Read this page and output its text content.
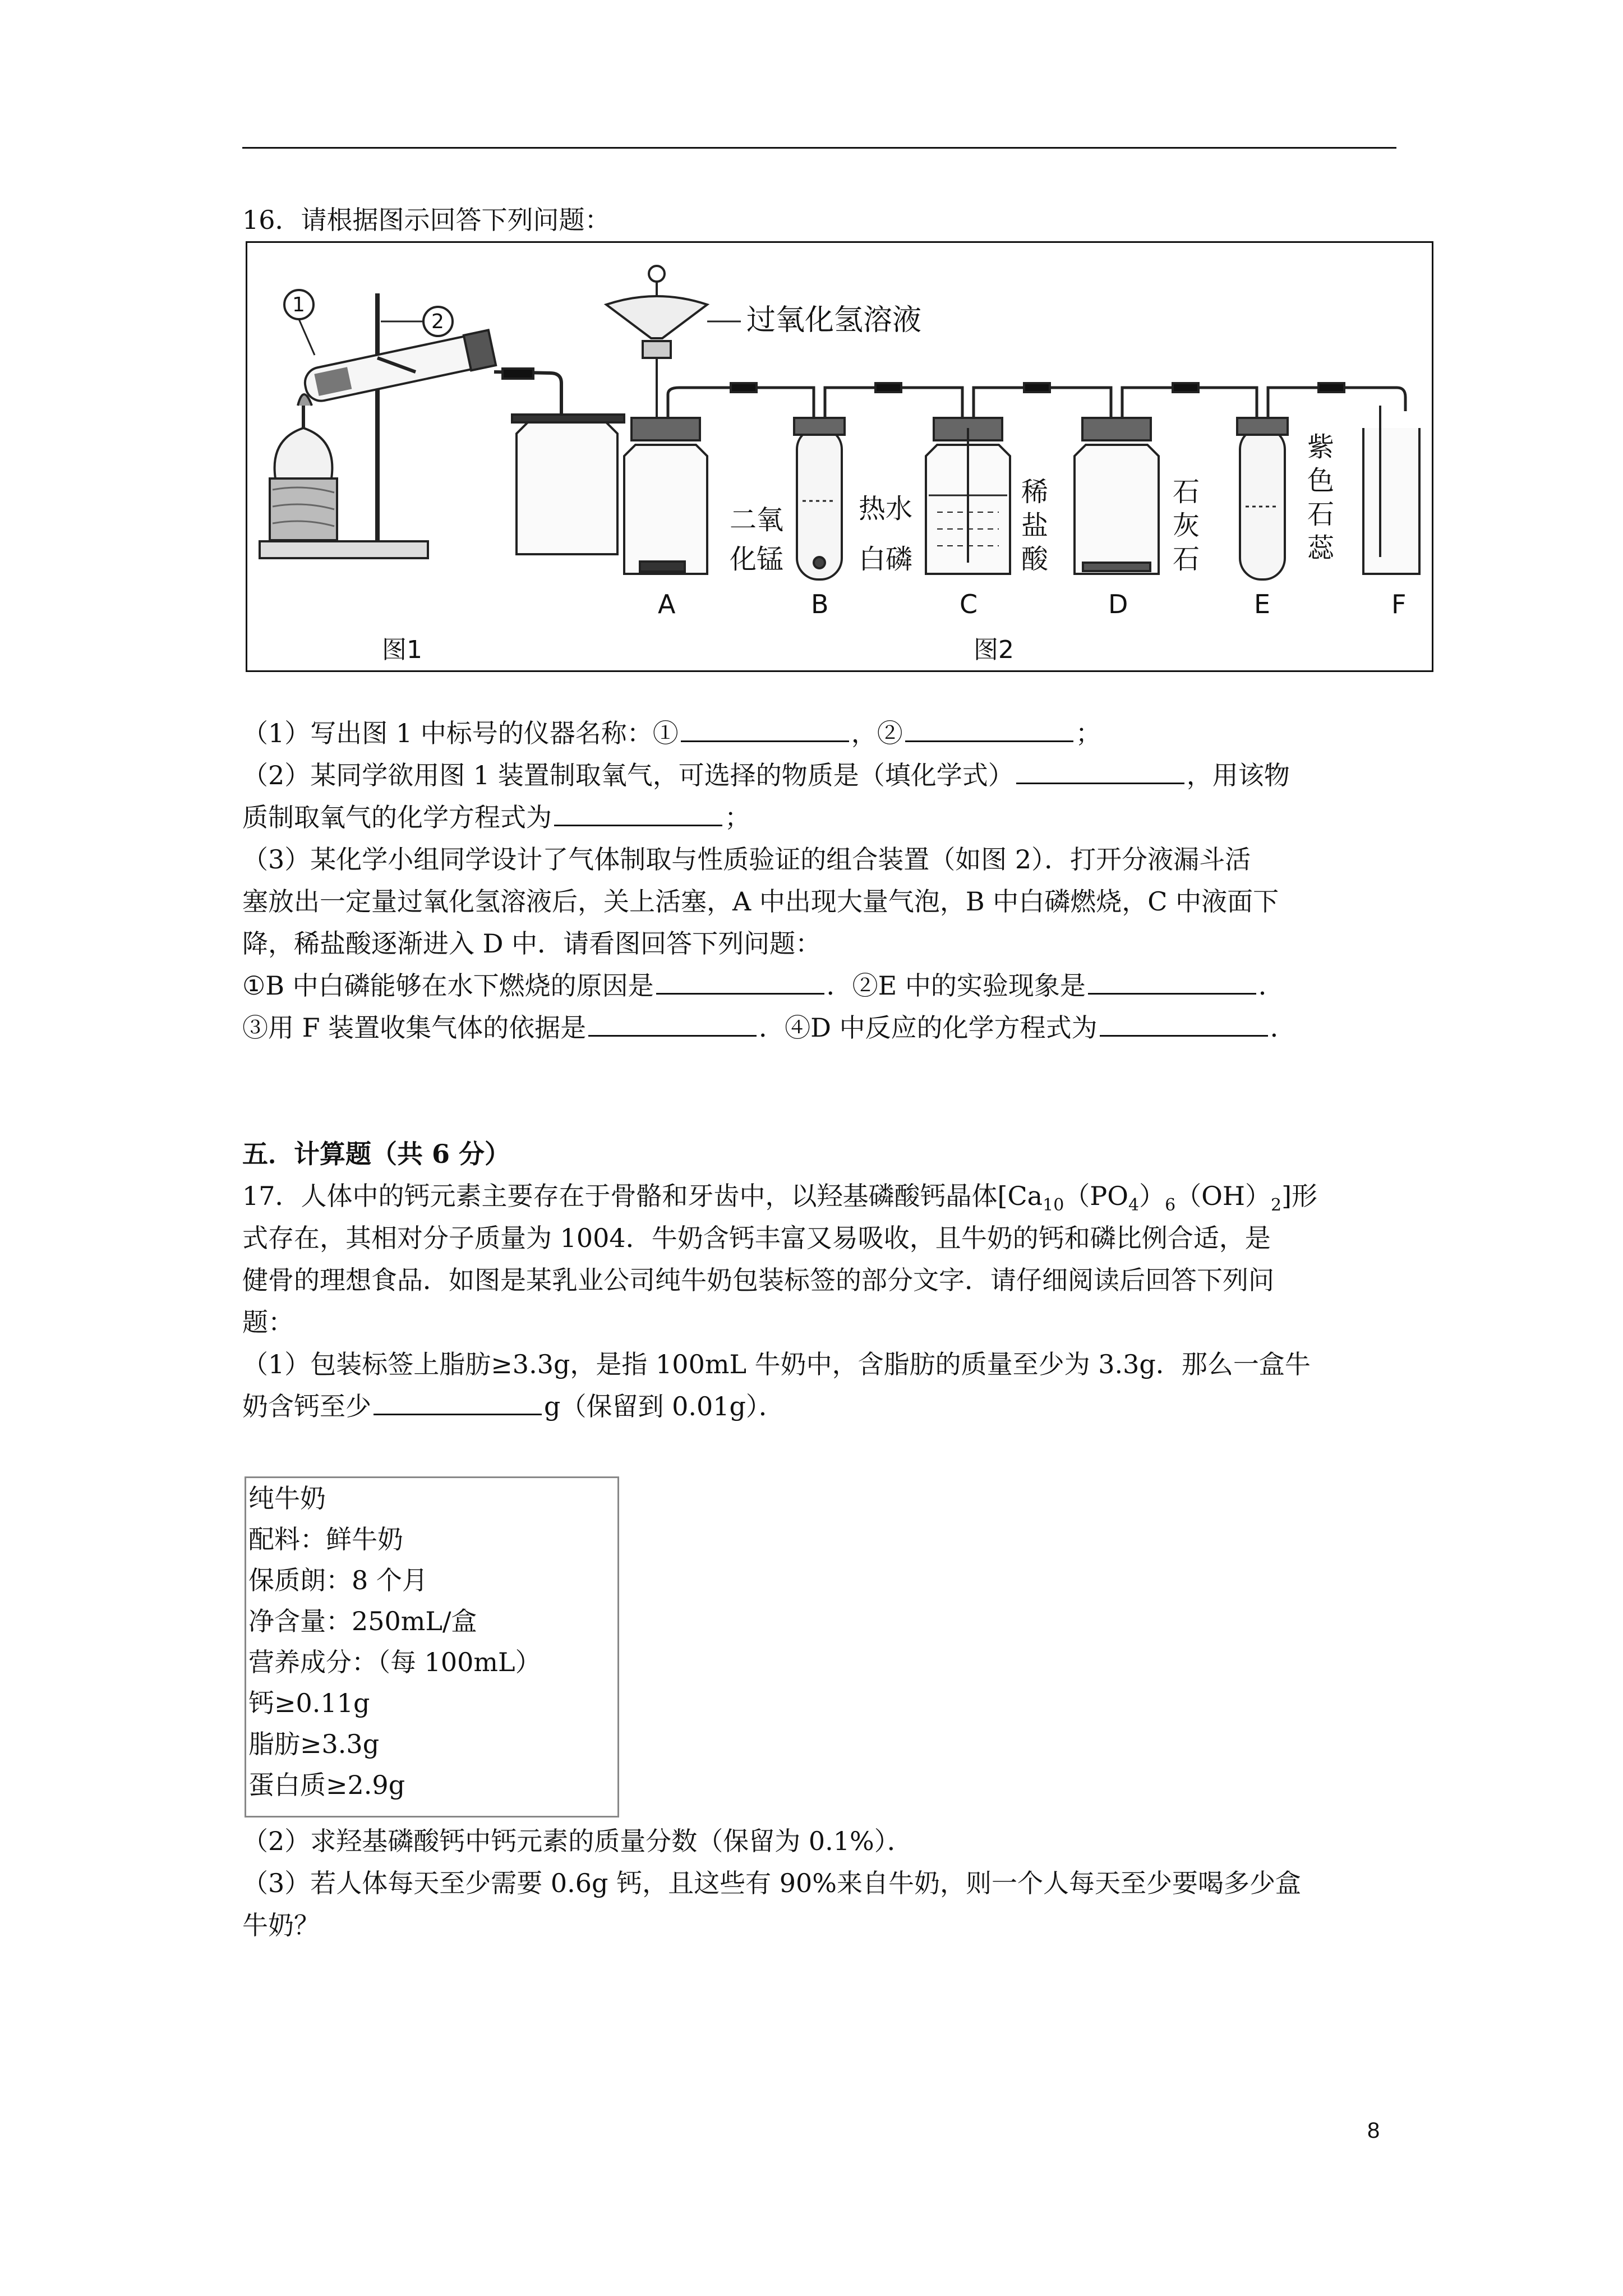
16．请根据图示回答下列问题：
1
2	过氧化氢溶液
二氧
化锰
热水
白磷
稀
盐
酸
石
灰
石
紫
色
石
蕊
A	B	C	D	E	F
图1	图2
（1）写出图 1 中标号的仪器名称：①	，②	；
（2）某同学欲用图 1 装置制取氧气，可选择的物质是（填化学式）	，用该物
质制取氧气的化学方程式为	；
（3）某化学小组同学设计了气体制取与性质验证的组合装置（如图 2）．打开分液漏斗活
塞放出一定量过氧化氢溶液后，关上活塞，A 中出现大量气泡，B 中白磷燃烧，C 中液面下
降，稀盐酸逐渐进入 D 中．请看图回答下列问题：
①B 中白磷能够在水下燃烧的原因是	．②E 中的实验现象是	．
③用 F 装置收集气体的依据是	．④D 中反应的化学方程式为	．
五．计算题（共 6 分）
17．人体中的钙元素主要存在于骨骼和牙齿中，以羟基磷酸钙晶体$[Ca_{10}(PO_4)_6(OH)_2]$形
式存在，其相对分子质量为 1004．牛奶含钙丰富又易吸收，且牛奶的钙和磷比例合适，是
健骨的理想食品．如图是某乳业公司纯牛奶包装标签的部分文字．请仔细阅读后回答下列问
题：
（1）包装标签上脂肪≥3.3g，是指 100mL 牛奶中，含脂肪的质量至少为 3.3g．那么一盒牛
奶含钙至少	g（保留到 0.01g）．
纯牛奶
配料：鲜牛奶
保质朗：8 个月
净含量：250mL/盒
营养成分：（每 100mL）
钙≥0.11g
脂肪≥3.3g
蛋白质≥2.9g
（2）求羟基磷酸钙中钙元素的质量分数（保留为 0.1%）．
（3）若人体每天至少需要 0.6g 钙，且这些有 90%来自牛奶，则一个人每天至少要喝多少盒
牛奶？
8
